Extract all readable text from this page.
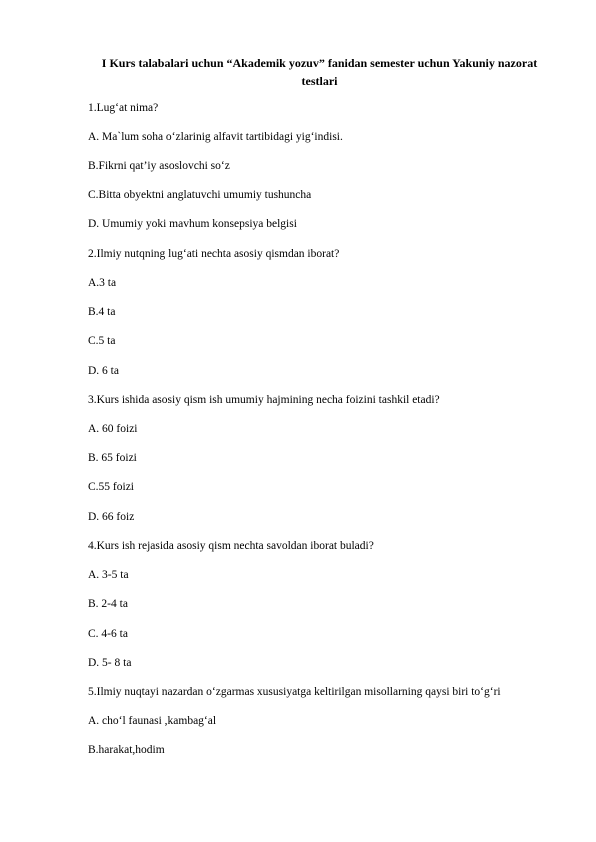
I Kurs talabalari uchun “Akademik yozuv” fanidan semester uchun Yakuniy nazorat testlari
1.Lug‘at nima?
A. Ma`lum soha o‘zlarinig alfavit tartibidagi yig‘indisi.
B.Fikrni qat’iy asoslovchi so‘z
C.Bitta obyektni anglatuvchi umumiy tushuncha
D. Umumiy yoki mavhum konsepsiya belgisi
2.Ilmiy nutqning lug‘ati nechta asosiy qismdan iborat?
A.3 ta
B.4 ta
C.5 ta
D. 6 ta
3.Kurs ishida asosiy qism ish umumiy hajmining necha foizini tashkil etadi?
A. 60 foizi
B. 65 foizi
C.55 foizi
D. 66 foiz
4.Kurs ish rejasida asosiy qism nechta savoldan iborat buladi?
A. 3-5 ta
B. 2-4 ta
C. 4-6 ta
D. 5- 8 ta
5.Ilmiy nuqtayi nazardan o‘zgarmas xususiyatga keltirilgan misollarning qaysi biri to‘g‘ri
A. cho‘l faunasi ,kambag‘al
B.harakat,hodim
